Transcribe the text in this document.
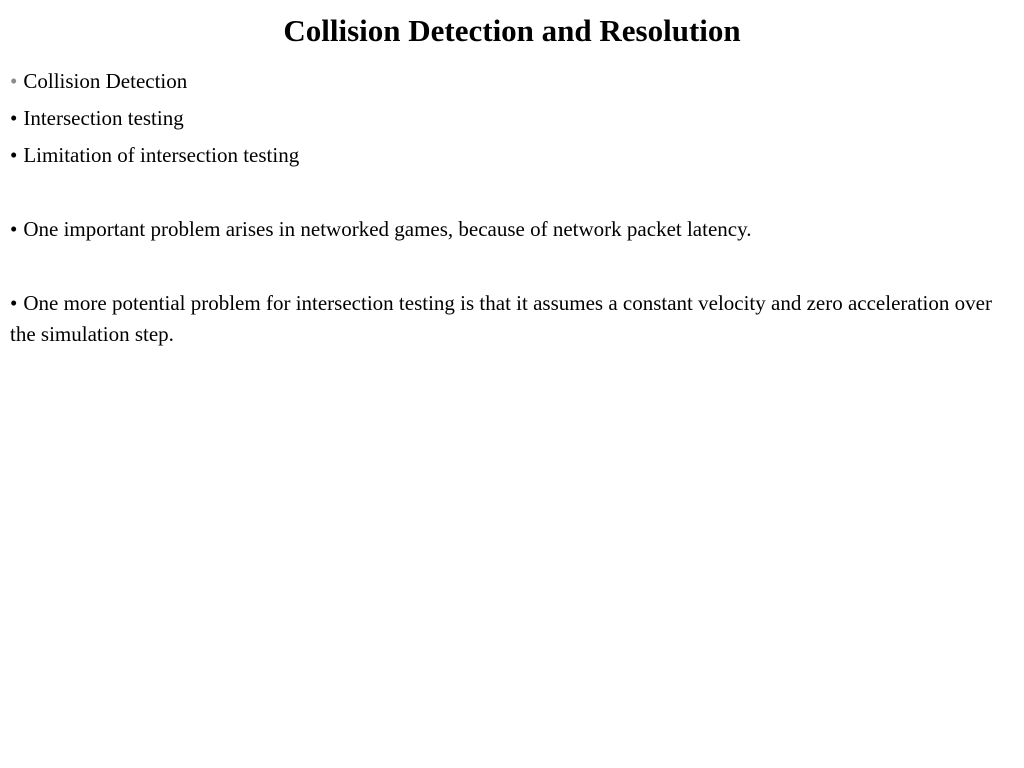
Collision Detection and Resolution
• Collision Detection
• Intersection testing
• Limitation of intersection testing
• One important problem arises in networked games, because of network packet latency.
• One more potential problem for intersection testing is that it assumes a constant velocity and zero acceleration over the simulation step.
